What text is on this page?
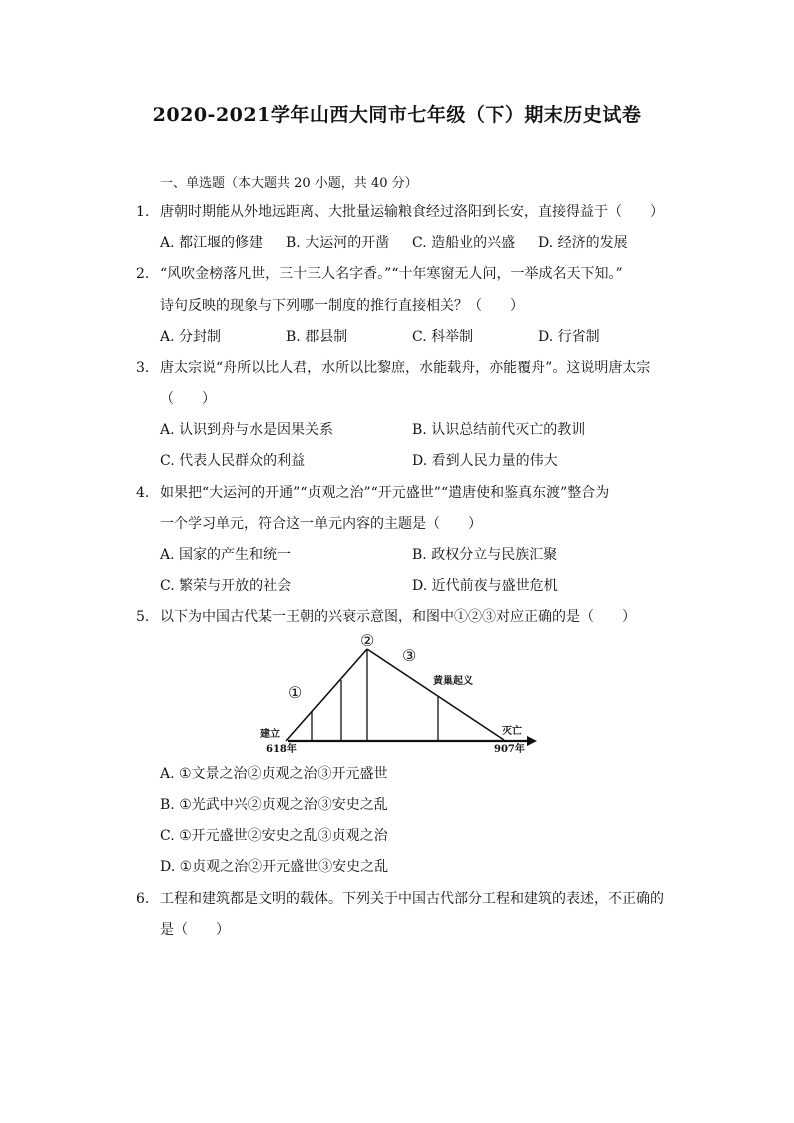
2020-2021学年山西大同市七年级（下）期末历史试卷
一、单选题（本大题共 20 小题，共 40 分）
1. 唐朝时期能从外地远距离、大批量运输粮食经过洛阳到长安，直接得益于（　　）
A. 都江堰的修建 B. 大运河的开凿 C. 造船业的兴盛 D. 经济的发展
2. “风吹金榜落凡世，三十三人名字香。”“十年寒窗无人问，一举成名天下知。”
诗句反映的现象与下列哪一制度的推行直接相关？（　　）
A. 分封制	B. 郡县制	C. 科举制	D. 行省制
3. 唐太宗说“舟所以比人君，水所以比黎庶，水能载舟，亦能覆舟”。这说明唐太宗
（　　）
A. 认识到舟与水是因果关系	B. 认识总结前代灭亡的教训
C. 代表人民群众的利益	D. 看到人民力量的伟大
4. 如果把“大运河的开通”“贞观之治”“开元盛世”“遣唐使和鉴真东渡”整合为
一个学习单元，符合这一单元内容的主题是（　　）
A. 国家的产生和统一	B. 政权分立与民族汇聚
C. 繁荣与开放的社会	D. 近代前夜与盛世危机
5. 以下为中国古代某一王朝的兴衰示意图，和图中①②③对应正确的是（　　）
①
②
③
黄巢起义
建立
618年
灭亡
907年
A. ①文景之治②贞观之治③开元盛世
B. ①光武中兴②贞观之治③安史之乱
C. ①开元盛世②安史之乱③贞观之治
D. ①贞观之治②开元盛世③安史之乱
6. 工程和建筑都是文明的载体。下列关于中国古代部分工程和建筑的表述，不正确的
是（　　）
